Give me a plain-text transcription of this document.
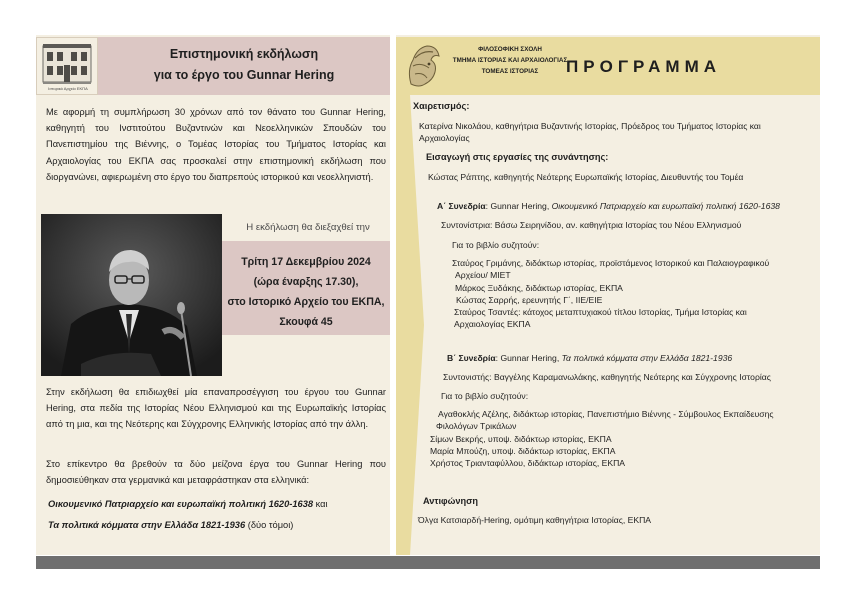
Ιστορικό Αρχείο ΕΚΠΑ
Επιστημονική εκδήλωση
για το έργο του Gunnar Hering
Με αφορμή τη συμπλήρωση 30 χρόνων από τον θάνατο του Gunnar Hering, καθηγητή του Ινστιτούτου Βυζαντινών και Νεοελληνικών Σπουδών του Πανεπιστημίου της Βιέννης, ο Τομέας Ιστορίας του Τμήματος Ιστορίας και Αρχαιολογίας του ΕΚΠΑ σας προσκαλεί στην επιστημονική εκδήλωση που διοργανώνει, αφιερωμένη στο έργο του διαπρεπούς ιστορικού και νεοελληνιστή.
Η εκδήλωση θα διεξαχθεί την
Τρίτη 17 Δεκεμβρίου 2024
(ώρα έναρξης 17.30),
στο Ιστορικό Αρχείο του ΕΚΠΑ,
Σκουφά 45
Στην εκδήλωση θα επιδιωχθεί μία επαναπροσέγγιση του έργου του Gunnar Hering, στα πεδία της Ιστορίας Νέου Ελληνισμού και της Ευρωπαϊκής Ιστορίας από τη μια, και της Νεότερης και Σύγχρονης Ελληνικής Ιστορίας από την άλλη.
Στο επίκεντρο θα βρεθούν τα δύο μείζονα έργα του Gunnar Hering που δημοσιεύθηκαν στα γερμανικά και μεταφράστηκαν στα ελληνικά:
Οικουμενικό Πατριαρχείο και ευρωπαϊκή πολιτική 1620-1638 και
Τα πολιτικά κόμματα στην Ελλάδα 1821-1936 (δύο τόμοι)
ΦΙΛΟΣΟΦΙΚΗ ΣΧΟΛΗ
ΤΜΗΜΑ ΙΣΤΟΡΙΑΣ ΚΑΙ ΑΡΧΑΙΟΛΟΓΙΑΣ
ΤΟΜΕΑΣ ΙΣΤΟΡΙΑΣ	ΠΡΟΓΡΑΜΜΑ
Χαιρετισμός:
Κατερίνα Νικολάου, καθηγήτρια Βυζαντινής Ιστορίας, Πρόεδρος του Τμήματος Ιστορίας και Αρχαιολογίας
Εισαγωγή στις εργασίες της συνάντησης:
Κώστας Ράπτης, καθηγητής Νεότερης Ευρωπαϊκής Ιστορίας, Διευθυντής του Τομέα
Α΄ Συνεδρία: Gunnar Hering, Οικουμενικό Πατριαρχείο και ευρωπαϊκή πολιτική 1620-1638
Συντονίστρια: Βάσω Σειρηνίδου, αν. καθηγήτρια Ιστορίας του Νέου Ελληνισμού
Για το βιβλίο συζητούν:
Σταύρος Γριμάνης, διδάκτωρ ιστορίας, προϊστάμενος Ιστορικού και Παλαιογραφικού
Αρχείου/ ΜΙΕΤ
Μάρκος Ξυδάκης, διδάκτωρ ιστορίας, ΕΚΠΑ
Κώστας Σαρρής, ερευνητής Γ΄, ΙΙΕ/ΕΙΕ
Σταύρος Τσαντές: κάτοχος μεταπτυχιακού τίτλου Ιστορίας, Τμήμα Ιστορίας και
Αρχαιολογίας ΕΚΠΑ
Β΄ Συνεδρία: Gunnar Hering, Τα πολιτικά κόμματα στην Ελλάδα 1821-1936
Συντονιστής: Βαγγέλης Καραμανωλάκης, καθηγητής Νεότερης και Σύγχρονης Ιστορίας
Για το βιβλίο συζητούν:
Αγαθοκλής Αζέλης, διδάκτωρ ιστορίας, Πανεπιστήμιο Βιέννης - Σύμβουλος Εκπαίδευσης
Φιλολόγων Τρικάλων
Σίμων Βεκρής, υποψ. διδάκτωρ ιστορίας, ΕΚΠΑ
Μαρία Μπούζη, υποψ. διδάκτωρ ιστορίας, ΕΚΠΑ
Χρήστος Τριανταφύλλου, διδάκτωρ ιστορίας, ΕΚΠΑ
Αντιφώνηση
Όλγα Κατσιαρδή-Hering, ομότιμη καθηγήτρια Ιστορίας, ΕΚΠΑ
